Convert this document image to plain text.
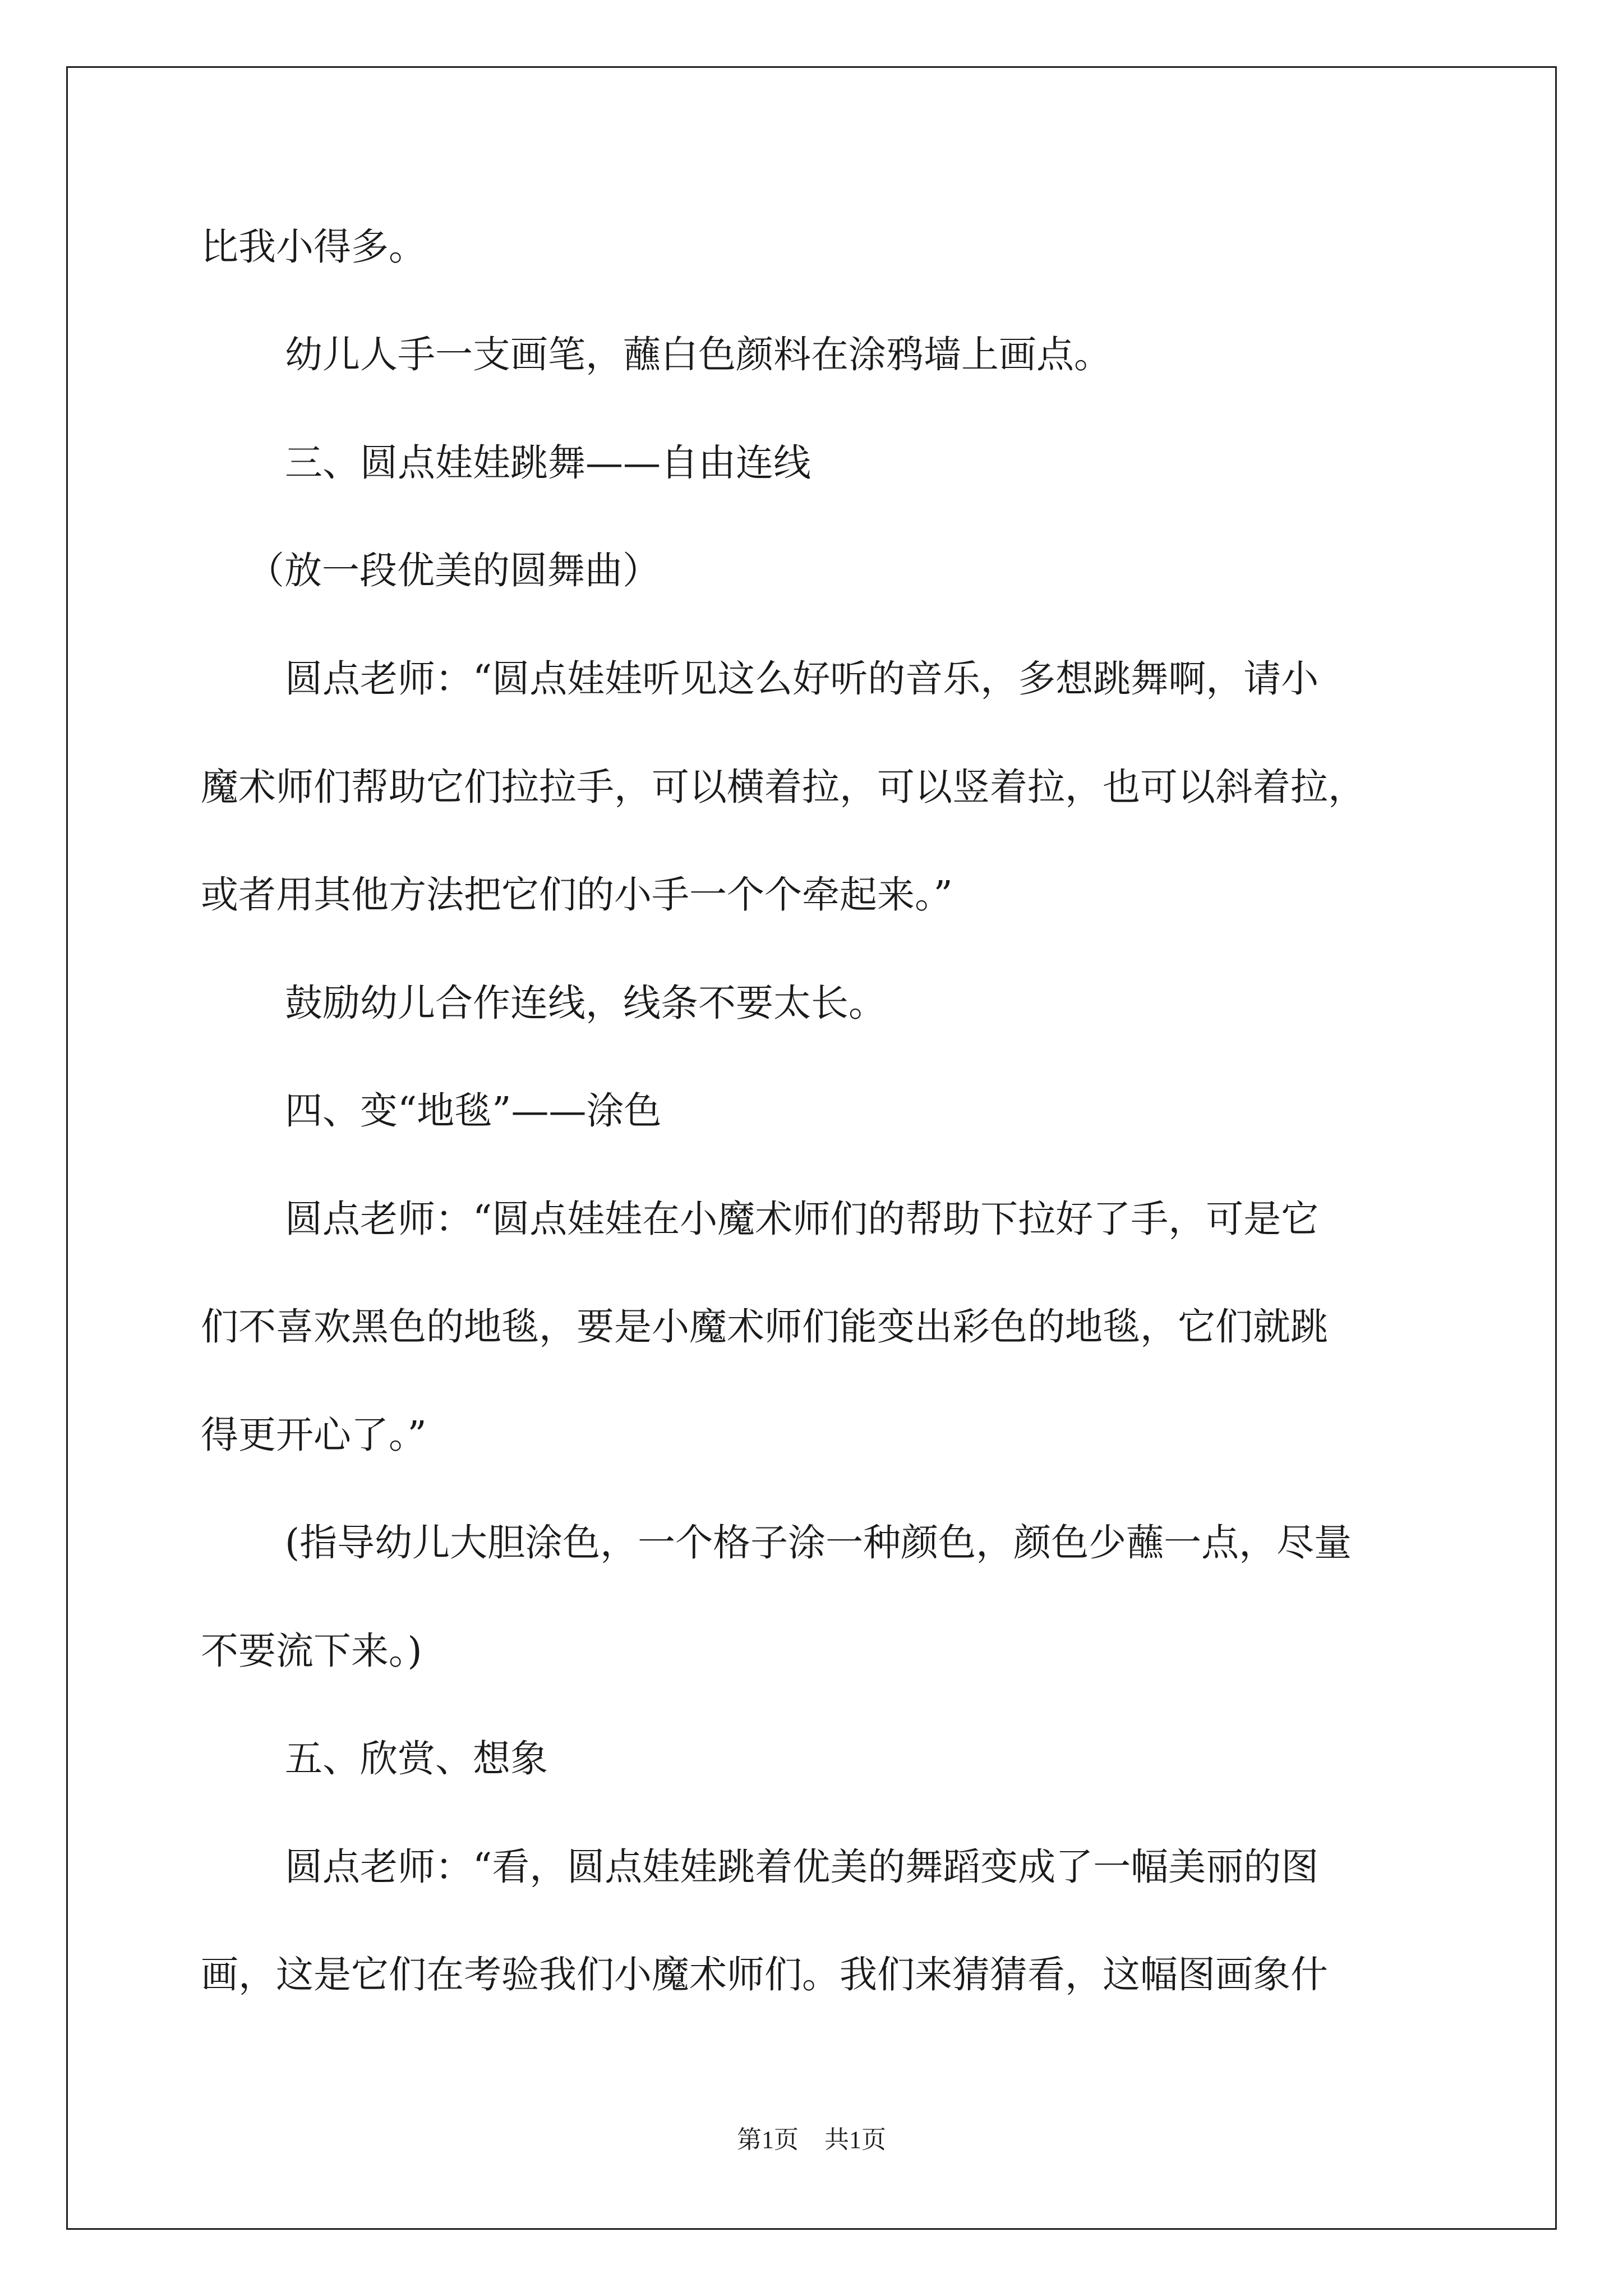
比我小得多。
幼儿人手一支画笔，蘸白色颜料在涂鸦墙上画点。
三、圆点娃娃跳舞——自由连线
（放一段优美的圆舞曲）
圆点老师：“圆点娃娃听见这么好听的音乐，多想跳舞啊，请小
魔术师们帮助它们拉拉手，可以横着拉，可以竖着拉，也可以斜着拉，
或者用其他方法把它们的小手一个个牵起来。”
鼓励幼儿合作连线，线条不要太长。
四、变“地毯”——涂色
圆点老师：“圆点娃娃在小魔术师们的帮助下拉好了手，可是它
们不喜欢黑色的地毯，要是小魔术师们能变出彩色的地毯，它们就跳
得更开心了。”
(指导幼儿大胆涂色，一个格子涂一种颜色，颜色少蘸一点，尽量
不要流下来。)
五、欣赏、想象
圆点老师：“看，圆点娃娃跳着优美的舞蹈变成了一幅美丽的图
画，这是它们在考验我们小魔术师们。我们来猜猜看，这幅图画象什
第1页 共1页
